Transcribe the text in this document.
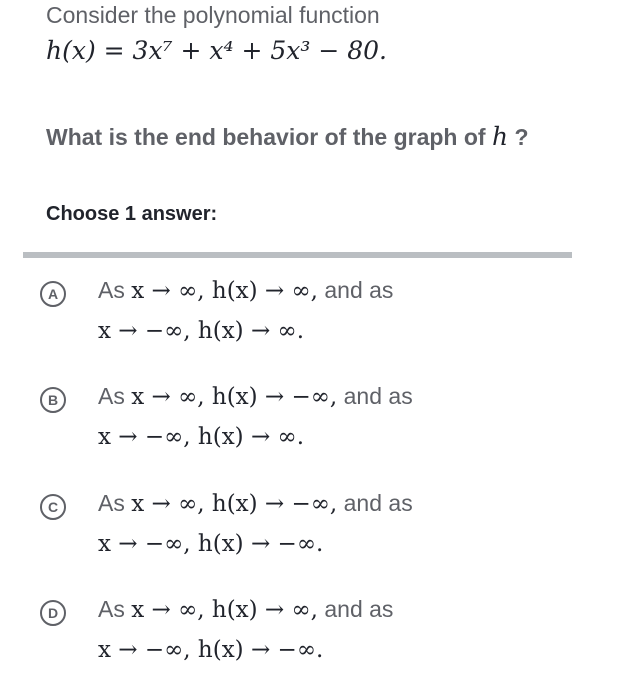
Consider the polynomial function
h(x) = 3x⁷ + x⁴ + 5x³ − 80.
What is the end behavior of the graph of h ?
Choose 1 answer:
A	As x → ∞, h(x) → ∞, and as
x → −∞, h(x) → ∞.
B	As x → ∞, h(x) → −∞, and as
x → −∞, h(x) → ∞.
C	As x → ∞, h(x) → −∞, and as
x → −∞, h(x) → −∞.
D	As x → ∞, h(x) → ∞, and as
x → −∞, h(x) → −∞.
